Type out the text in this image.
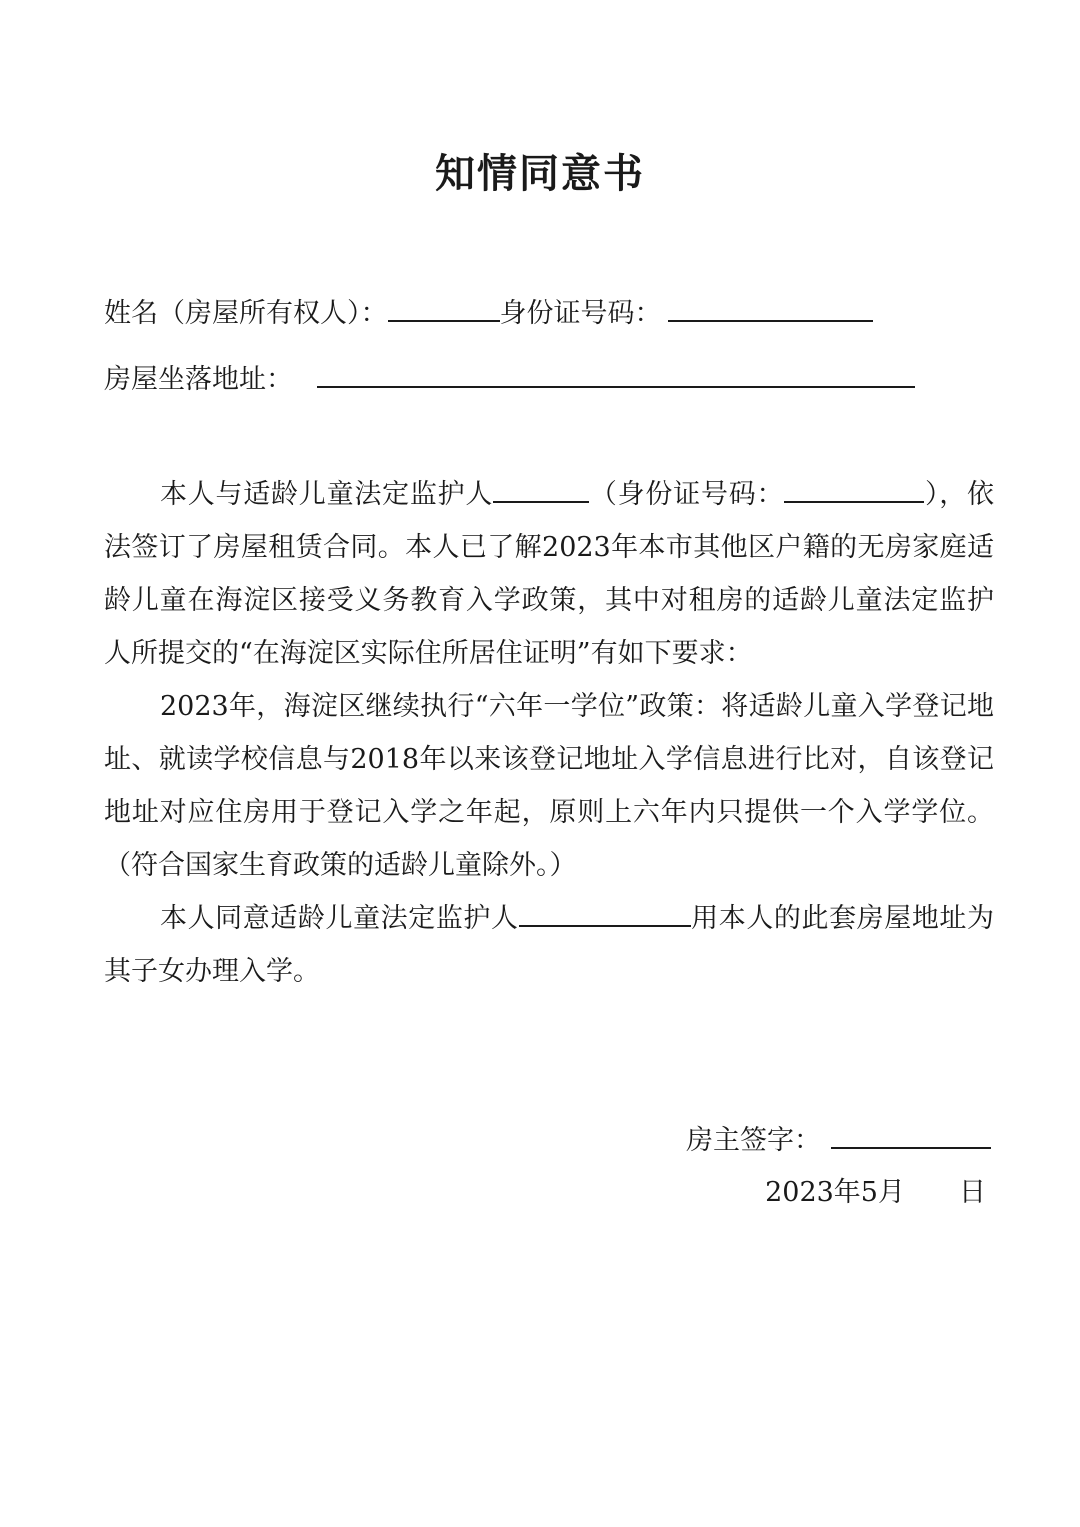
知情同意书
姓名（房屋所有权人）：	身份证号码：
房屋坐落地址：
本人与适龄儿童法定监护人	（身份证号码：	），依法签订了房屋租赁合同。本人已了解2023年本市其他区户籍的无房家庭适龄儿童在海淀区接受义务教育入学政策，其中对租房的适龄儿童法定监护人所提交的“在海淀区实际住所居住证明”有如下要求：
2023年，海淀区继续执行“六年一学位”政策：将适龄儿童入学登记地址、就读学校信息与2018年以来该登记地址入学信息进行比对，自该登记地址对应住房用于登记入学之年起，原则上六年内只提供一个入学学位。（符合国家生育政策的适龄儿童除外。）
本人同意适龄儿童法定监护人	用本人的此套房屋地址为其子女办理入学。
房主签字：
2023年5月　　日
